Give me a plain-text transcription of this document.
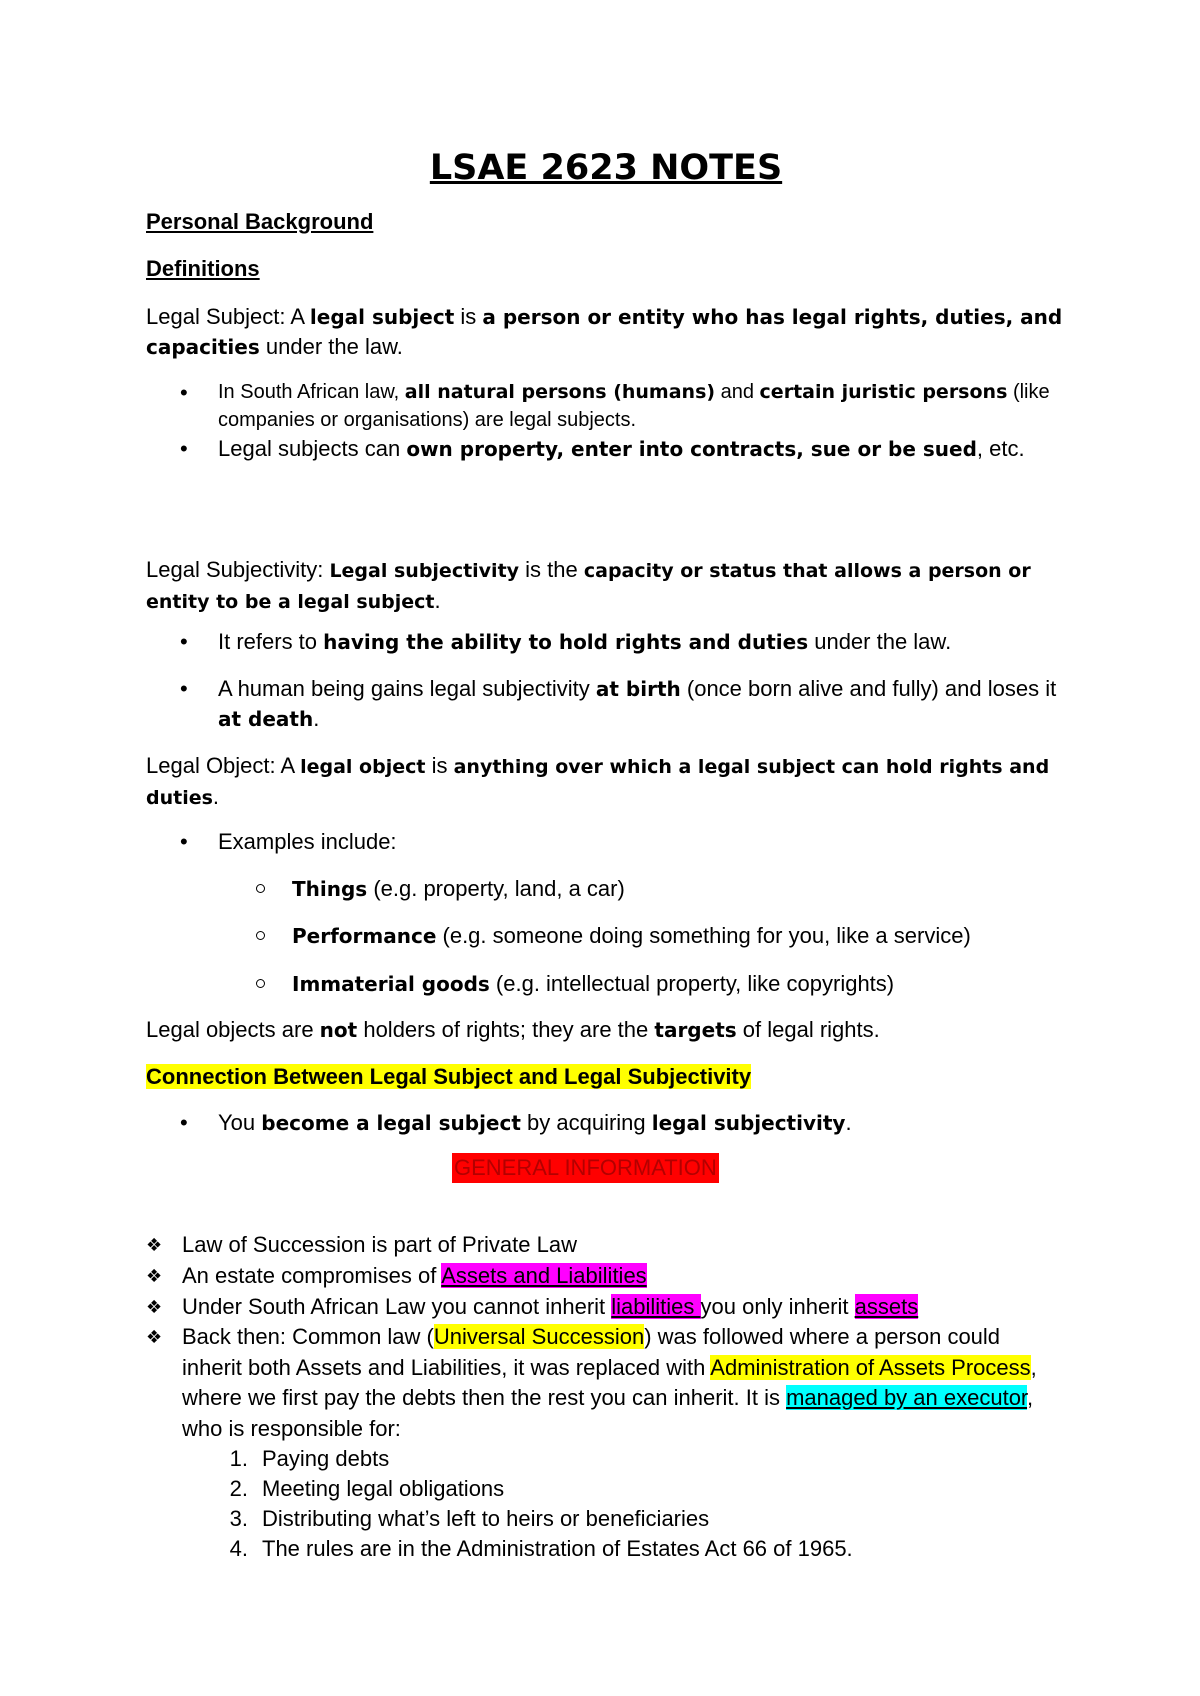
LSAE 2623 NOTES

Personal Background

Definitions

Legal Subject: A legal subject is a person or entity who has legal rights, duties, and capacities under the law.

• In South African law, all natural persons (humans) and certain juristic persons (like companies or organisations) are legal subjects.
• Legal subjects can own property, enter into contracts, sue or be sued, etc.

Legal Subjectivity: Legal subjectivity is the capacity or status that allows a person or entity to be a legal subject.

• It refers to having the ability to hold rights and duties under the law.
• A human being gains legal subjectivity at birth (once born alive and fully) and loses it at death.

Legal Object: A legal object is anything over which a legal subject can hold rights and duties.

• Examples include:
Things (e.g. property, land, a car)
Performance (e.g. someone doing something for you, like a service)
Immaterial goods (e.g. intellectual property, like copyrights)

Legal objects are not holders of rights; they are the targets of legal rights.

Connection Between Legal Subject and Legal Subjectivity

• You become a legal subject by acquiring legal subjectivity.
GENERAL INFORMATION
❖ Law of Succession is part of Private Law
❖ An estate compromises of Assets and Liabilities
❖ Under South African Law you cannot inherit liabilities you only inherit assets
❖ Back then: Common law (Universal Succession) was followed where a person could inherit both Assets and Liabilities, it was replaced with Administration of Assets Process, where we first pay the debts then the rest you can inherit. It is managed by an executor, who is responsible for:
1. Paying debts
2. Meeting legal obligations
3. Distributing what’s left to heirs or beneficiaries
4. The rules are in the Administration of Estates Act 66 of 1965.
